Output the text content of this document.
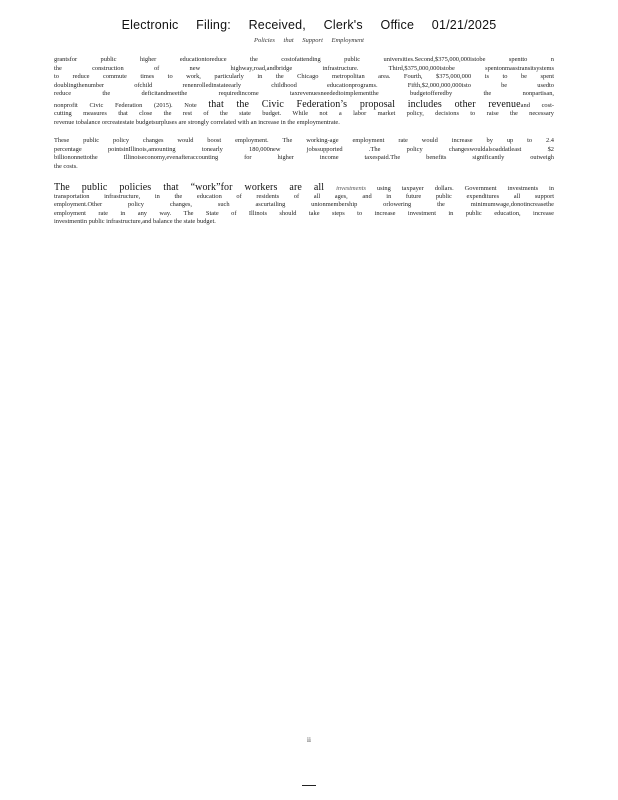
Electronic Filing: Received, Clerk's Office 01/21/2025
Policies that Support Employment
grantsfor public higher educationtoreduce the costofattending public universities.Second,$375,000,000istobe spentto n
the construction of new highway,road,andbridge infrastructure. Third,$375,000,000istobe spentonmasstransitsystems
to reduce commute times to work, particularly in the Chicago metropolitan area. Fourth, $375,000,000 is to be spent
doublingthenumber ofchild renenrolledinstateearly childhood educationprograms. Fifth,$2,000,000,000isto be usedto
reduce the deficitandmeetthe requiredincome taxrevenuesneededtoimplementthe budgetofferedby the nonpartisan,
nonprofit Civic Federation (2015). Note that the Civic Federation’s proposal includes other revenueand cost-
cutting measures that close the rest of the state budget. While not a labor market policy, decisions to raise the necessary
revenue tobalance orcreatestate budgetsurpluses are strongly correlated with an increase in the employmentrate.
These public policy changes would boost employment. The working-age employment rate would increase by up to 2.4
percentage pointsinIllinois,amounting tonearly 180,000new jobssupported .The policy changeswouldalsoaddatleast $2
billiononnettothe Illinoiseconomy,evenafteraccounting for higher income taxespaid.The benefits significantly outweigh
the costs.
The public policies that “work”for workers are all investments using taxpayer dollars. Government investments in
transportation infrastructure, in the education of residents of all ages, and in future public expenditures all support
employment.Other policy changes, such ascurtailing unionmembership orlowering the minimumwage,donotincreasethe
employment rate in any way. The State of Illinois should take steps to increase investment in public education, increase
investmentin public infrastructure,and balance the state budget.
ii
